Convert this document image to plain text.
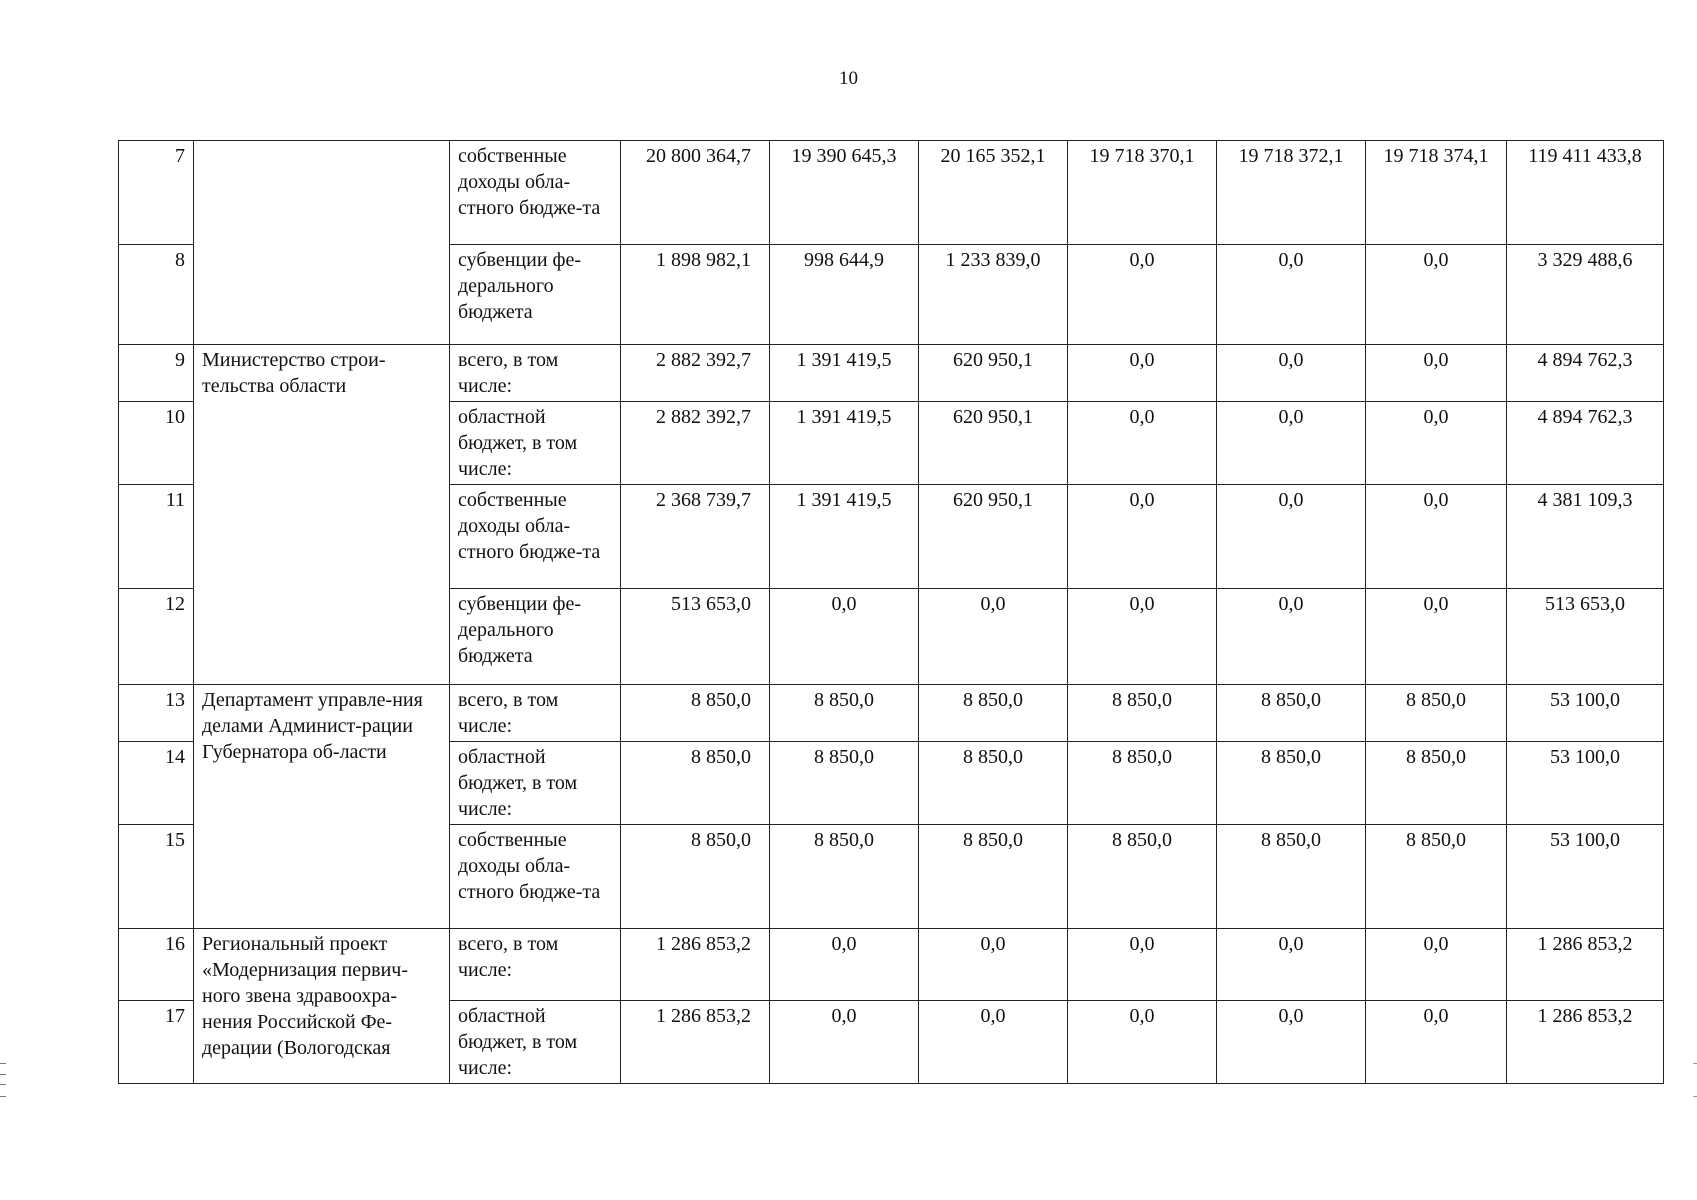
10
7		собственные доходы обла-стного бюдже-та	20 800 364,7	19 390 645,3	20 165 352,1	19 718 370,1	19 718 372,1	19 718 374,1	119 411 433,8
8		субвенции фе-дерального бюджета	1 898 982,1	998 644,9	1 233 839,0	0,0	0,0	0,0	3 329 488,6
9	Министерство строи-тельства области	всего, в том числе:	2 882 392,7	1 391 419,5	620 950,1	0,0	0,0	0,0	4 894 762,3
10		областной бюджет, в том числе:	2 882 392,7	1 391 419,5	620 950,1	0,0	0,0	0,0	4 894 762,3
11		собственные доходы обла-стного бюдже-та	2 368 739,7	1 391 419,5	620 950,1	0,0	0,0	0,0	4 381 109,3
12		субвенции фе-дерального бюджета	513 653,0	0,0	0,0	0,0	0,0	0,0	513 653,0
13	Департамент управле-ния делами Админист-рации Губернатора об-ласти	всего, в том числе:	8 850,0	8 850,0	8 850,0	8 850,0	8 850,0	8 850,0	53 100,0
14		областной бюджет, в том числе:	8 850,0	8 850,0	8 850,0	8 850,0	8 850,0	8 850,0	53 100,0
15		собственные доходы обла-стного бюдже-та	8 850,0	8 850,0	8 850,0	8 850,0	8 850,0	8 850,0	53 100,0
16	Региональный проект «Модернизация первич-ного звена здравоохра-нения Российской Фе-дерации (Вологодская	всего, в том числе:	1 286 853,2	0,0	0,0	0,0	0,0	0,0	1 286 853,2
17		областной бюджет, в том числе:	1 286 853,2	0,0	0,0	0,0	0,0	0,0	1 286 853,2
